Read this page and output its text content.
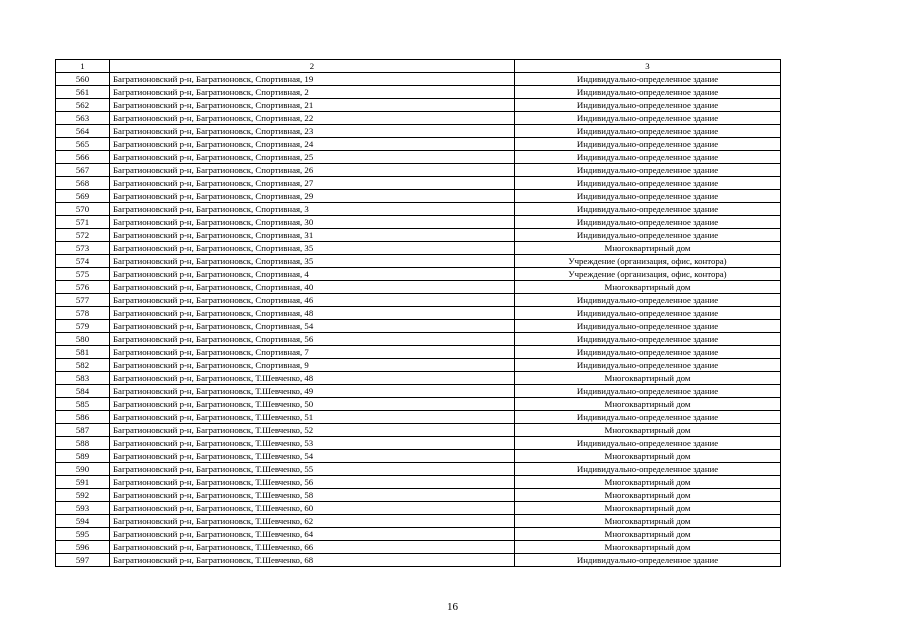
1	2	3
560	Багратионовский р-н, Багратионовск, Спортивная, 19	Индивидуально-определенное здание
561	Багратионовский р-н, Багратионовск, Спортивная, 2	Индивидуально-определенное здание
562	Багратионовский р-н, Багратионовск, Спортивная, 21	Индивидуально-определенное здание
563	Багратионовский р-н, Багратионовск, Спортивная, 22	Индивидуально-определенное здание
564	Багратионовский р-н, Багратионовск, Спортивная, 23	Индивидуально-определенное здание
565	Багратионовский р-н, Багратионовск, Спортивная, 24	Индивидуально-определенное здание
566	Багратионовский р-н, Багратионовск, Спортивная, 25	Индивидуально-определенное здание
567	Багратионовский р-н, Багратионовск, Спортивная, 26	Индивидуально-определенное здание
568	Багратионовский р-н, Багратионовск, Спортивная, 27	Индивидуально-определенное здание
569	Багратионовский р-н, Багратионовск, Спортивная, 29	Индивидуально-определенное здание
570	Багратионовский р-н, Багратионовск, Спортивная, 3	Индивидуально-определенное здание
571	Багратионовский р-н, Багратионовск, Спортивная, 30	Индивидуально-определенное здание
572	Багратионовский р-н, Багратионовск, Спортивная, 31	Индивидуально-определенное здание
573	Багратионовский р-н, Багратионовск, Спортивная, 35	Многоквартирный дом
574	Багратионовский р-н, Багратионовск, Спортивная, 35	Учреждение (организация, офис, контора)
575	Багратионовский р-н, Багратионовск, Спортивная, 4	Учреждение (организация, офис, контора)
576	Багратионовский р-н, Багратионовск, Спортивная, 40	Многоквартирный дом
577	Багратионовский р-н, Багратионовск, Спортивная, 46	Индивидуально-определенное здание
578	Багратионовский р-н, Багратионовск, Спортивная, 48	Индивидуально-определенное здание
579	Багратионовский р-н, Багратионовск, Спортивная, 54	Индивидуально-определенное здание
580	Багратионовский р-н, Багратионовск, Спортивная, 56	Индивидуально-определенное здание
581	Багратионовский р-н, Багратионовск, Спортивная, 7	Индивидуально-определенное здание
582	Багратионовский р-н, Багратионовск, Спортивная, 9	Индивидуально-определенное здание
583	Багратионовский р-н, Багратионовск, Т.Шевченко, 48	Многоквартирный дом
584	Багратионовский р-н, Багратионовск, Т.Шевченко, 49	Индивидуально-определенное здание
585	Багратионовский р-н, Багратионовск, Т.Шевченко, 50	Многоквартирный дом
586	Багратионовский р-н, Багратионовск, Т.Шевченко, 51	Индивидуально-определенное здание
587	Багратионовский р-н, Багратионовск, Т.Шевченко, 52	Многоквартирный дом
588	Багратионовский р-н, Багратионовск, Т.Шевченко, 53	Индивидуально-определенное здание
589	Багратионовский р-н, Багратионовск, Т.Шевченко, 54	Многоквартирный дом
590	Багратионовский р-н, Багратионовск, Т.Шевченко, 55	Индивидуально-определенное здание
591	Багратионовский р-н, Багратионовск, Т.Шевченко, 56	Многоквартирный дом
592	Багратионовский р-н, Багратионовск, Т.Шевченко, 58	Многоквартирный дом
593	Багратионовский р-н, Багратионовск, Т.Шевченко, 60	Многоквартирный дом
594	Багратионовский р-н, Багратионовск, Т.Шевченко, 62	Многоквартирный дом
595	Багратионовский р-н, Багратионовск, Т.Шевченко, 64	Многоквартирный дом
596	Багратионовский р-н, Багратионовск, Т.Шевченко, 66	Многоквартирный дом
597	Багратионовский р-н, Багратионовск, Т.Шевченко, 68	Индивидуально-определенное здание
16
